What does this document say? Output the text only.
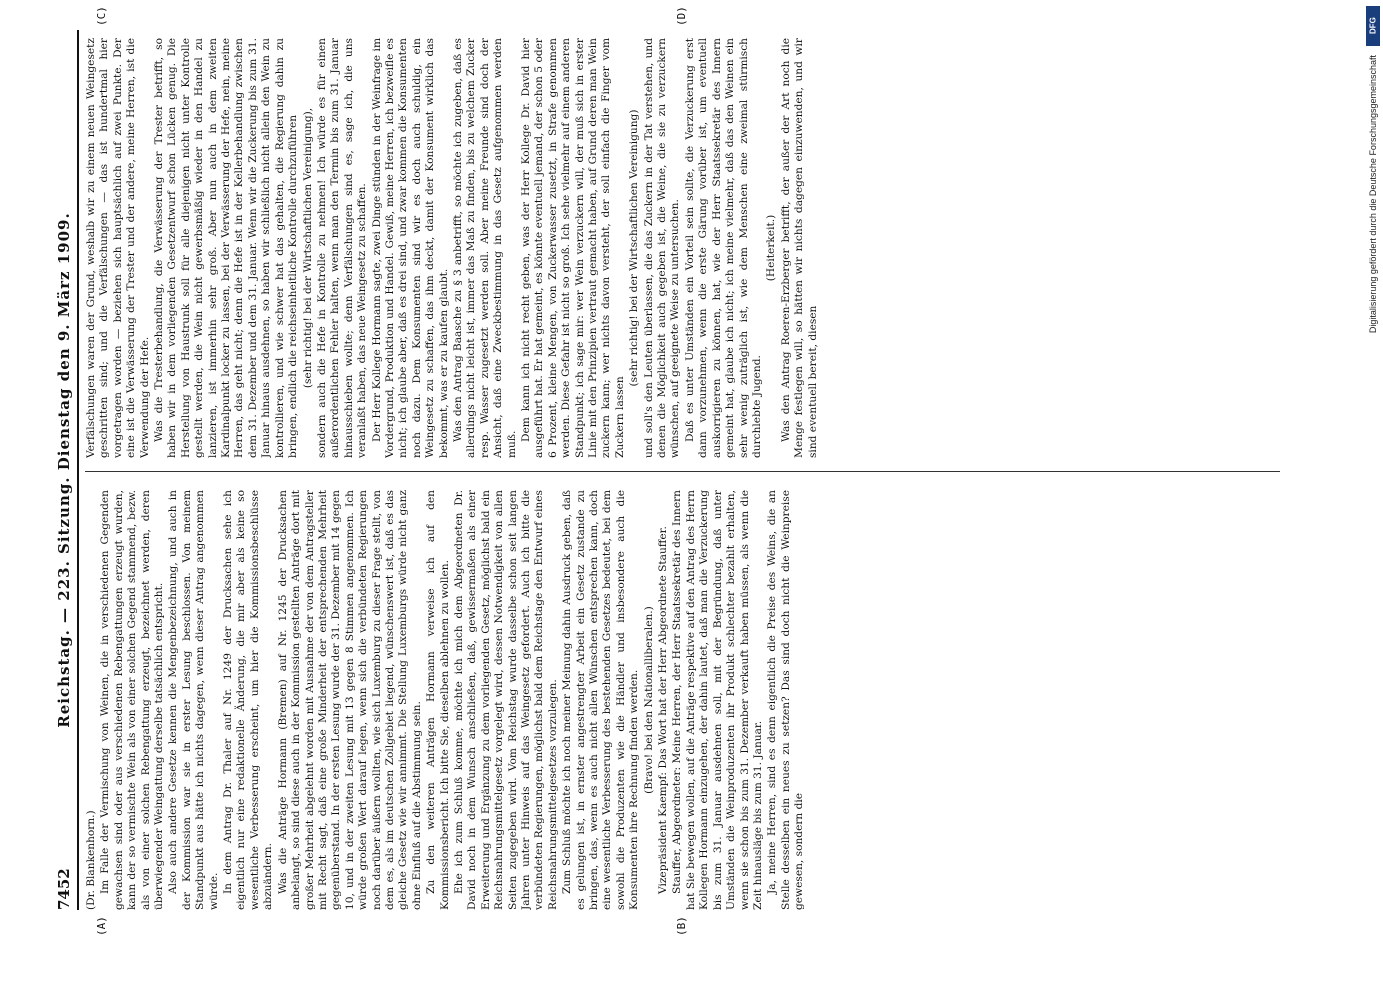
DFG
Digitalisierung gefördert durch die Deutsche Forschungsgemeinschaft
7452
Reichstag. — 223. Sitzung. Dienstag den 9. März 1909.
(A)	(B)
(C)	(D)

(Dr. Blankenhorn.) Im Falle der Vermischung von Weinen, die in verschiedenen Gegenden gewachsen sind oder aus verschiedenen Rebengattungen erzeugt wurden, kann der so vermischte Wein als von einer solchen Gegend stammend, bezw. als von einer solchen Rebengattung erzeugt, bezeichnet werden, deren überwiegender Weingattung derselbe tatsächlich entspricht. Also auch andere Gesetze kennen die Mengenbezeichnung, und auch in der Kommission war sie in erster Lesung beschlossen. Von meinem Standpunkt aus hätte ich nichts dagegen, wenn dieser Antrag angenommen würde. In dem Antrag Dr. Thaler auf Nr. 1249 der Drucksachen sehe ich eigentlich nur eine redaktionelle Änderung, die mir aber als keine so wesentliche Verbesserung erscheint, um hier die Kommissionsbeschlüsse abzuändern. Was die Anträge Hormann (Bremen) auf Nr. 1245 der Drucksachen anbelangt, so sind diese auch in der Kommission gestellten Anträge dort mit großer Mehrheit abgelehnt worden mit Ausnahme der von dem Antragsteller mit Recht sagt, daß eine große Minderheit der entsprechenden Mehrheit gegenüberstand. In der ersten Lesung wurde der 31. Dezember mit 14 gegen 10, und in der zweiten Lesung mit 13 gegen 8 Stimmen angenommen. Ich würde großen Wert darauf legen, wenn sich die verbündeten Regierungen noch darüber äußern wollten, wie sich Luxemburg zu dieser Frage stellt, von dem es, als im deutschen Zollgebiet liegend, wünschenswert ist, daß es das gleiche Gesetz wie wir annimmt. Die Stellung Luxemburgs würde nicht ganz ohne Einfluß auf die Abstimmung sein. Zu den weiteren Anträgen Hormann verweise ich auf den Kommissionsbericht. Ich bitte Sie, dieselben ablehnen zu wollen. Ehe ich zum Schluß komme, möchte ich mich dem Abgeordneten Dr. David noch in dem Wunsch anschließen, daß, gewissermaßen als einer Erweiterung und Ergänzung zu dem vorliegenden Gesetz, möglichst bald ein Reichsnahrungsmittelgesetz vorgelegt wird, dessen Notwendigkeit von allen Seiten zugegeben wird. Vom Reichstag wurde dasselbe schon seit langen Jahren unter Hinweis auf das Weingesetz gefordert. Auch ich bitte die verbündeten Regierungen, möglichst bald dem Reichstage den Entwurf eines Reichsnahrungsmittelgesetzes vorzulegen. Zum Schluß möchte ich noch meiner Meinung dahin Ausdruck geben, daß es gelungen ist, in ernster angestrengter Arbeit ein Gesetz zustande zu bringen, das, wenn es auch nicht allen Wünschen entsprechen kann, doch eine wesentliche Verbesserung des bestehenden Gesetzes bedeutet, bei dem sowohl die Produzenten wie die Händler und insbesondere auch die Konsumenten ihre Rechnung finden werden. (Bravo! bei den Nationalliberalen.) Vizepräsident Kaempf: Das Wort hat der Herr Abgeordnete Stauffer. Stauffer, Abgeordneter: Meine Herren, der Herr Staatssekretär des Innern hat Sie bewegen wollen, auf die Anträge respektive auf den Antrag des Herrn Kollegen Hormann einzugehen, der dahin lautet, daß man die Verzuckerung bis zum 31. Januar ausdehnen soll, mit der Begründung, daß unter Umständen die Weinproduzenten ihr Produkt schlechter bezahlt erhalten, wenn sie schon bis zum 31. Dezember verkauft haben müssen, als wenn die Zeit hinausläge bis zum 31. Januar. Ja, meine Herren, sind es denn eigentlich die Preise des Weins, die an Stelle desselben ein neues zu setzen? Das sind doch nicht die Weinpreise gewesen, sondern die

Verfälschungen waren der Grund, weshalb wir zu einem neuen Weingesetz geschritten sind; und die Verfälschungen — das ist hundertmal hier vorgetragen worden — beziehen sich hauptsächlich auf zwei Punkte. Der eine ist die Verwässerung der Trester und der andere, meine Herren, ist die Verwendung der Hefe. Was die Tresterbehandlung, die Verwässerung der Trester betrifft, so haben wir in dem vorliegenden Gesetzentwurf schon Lücken genug. Die Herstellung von Haustrunk soll für alle diejenigen nicht unter Kontrolle gestellt werden, die Wein nicht gewerbsmäßig wieder in den Handel zu lanzieren, ist immerhin sehr groß. Aber nun auch in dem zweiten Kardinalpunkt locker zu lassen, bei der Verwässerung der Hefe, nein, meine Herren, das geht nicht; denn die Hefe ist in der Kellerbehandlung zwischen dem 31. Dezember und dem 31. Januar. Wenn wir die Zuckerung bis zum 31. Januar hinaus ausdehnen, so haben wir schließlich nicht allein den Wein zu kontrollieren, und wie schwer hat das gehalten, die Regierung dahin zu bringen, endlich die reichseinheitliche Kontrolle durchzuführen (sehr richtig! bei der Wirtschaftlichen Vereinigung), sondern auch die Hefe in Kontrolle zu nehmen! Ich würde es für einen außerordentlichen Fehler halten, wenn man den Termin bis zum 31. Januar hinausschieben wollte; denn Verfälschungen sind es, sage ich, die uns veranlaßt haben, das neue Weingesetz zu schaffen. Der Herr Kollege Hormann sagte, zwei Dinge stünden in der Weinfrage im Vordergrund, Produktion und Handel. Gewiß, meine Herren, ich bezweifle es nicht; ich glaube aber, daß es drei sind, und zwar kommen die Konsumenten noch dazu. Dem Konsumenten sind wir es doch auch schuldig, ein Weingesetz zu schaffen, das ihm deckt, damit der Konsument wirklich das bekommt, was er zu kaufen glaubt. Was den Antrag Baasche zu § 3 anbetrifft, so möchte ich zugeben, daß es allerdings nicht leicht ist, immer das Maß zu finden, bis zu welchem Zucker resp. Wasser zugesetzt werden soll. Aber meine Freunde sind doch der Ansicht, daß eine Zweckbestimmung in das Gesetz aufgenommen werden muß.

Dem kann ich nicht recht geben, was der Herr Kollege Dr. David hier ausgeführt hat. Er hat gemeint, es könnte eventuell jemand, der schon 5 oder 6 Prozent, kleine Mengen, von Zuckerwasser zusetzt, in Strafe genommen werden. Diese Gefahr ist nicht so groß. Ich sehe vielmehr auf einem anderen Standpunkt; ich sage mir: wer Wein verzuckern will, der muß sich in erster Linie mit den Prinzipien vertraut gemacht haben, auf Grund deren man Wein zuckern kann; wer nichts davon versteht, der soll einfach die Finger vom Zuckern lassen

(sehr richtig! bei der Wirtschaftlichen Vereinigung) und soll's den Leuten überlassen, die das Zuckern in der Tat verstehen, und denen die Möglichkeit auch gegeben ist, die Weine, die sie zu verzuckern wünschen, auf geeignete Weise zu untersuchen. Daß es unter Umständen ein Vorteil sein sollte, die Verzuckerung erst dann vorzunehmen, wenn die erste Gärung vorüber ist, um eventuell auskorrigieren zu können, hat, wie der Herr Staatssekretär des Innern gemeint hat, glaube ich nicht; ich meine vielmehr, daß das den Weinen ein sehr wenig zuträglich ist, wie dem Menschen eine zweimal stürmisch durchlebte Jugend.

(Heiterkeit.) Was den Antrag Roeren-Erzberger betrifft, der außer der Art noch die Menge festlegen will, so hätten wir nichts dagegen einzuwenden, und wir sind eventuell bereit, diesen
